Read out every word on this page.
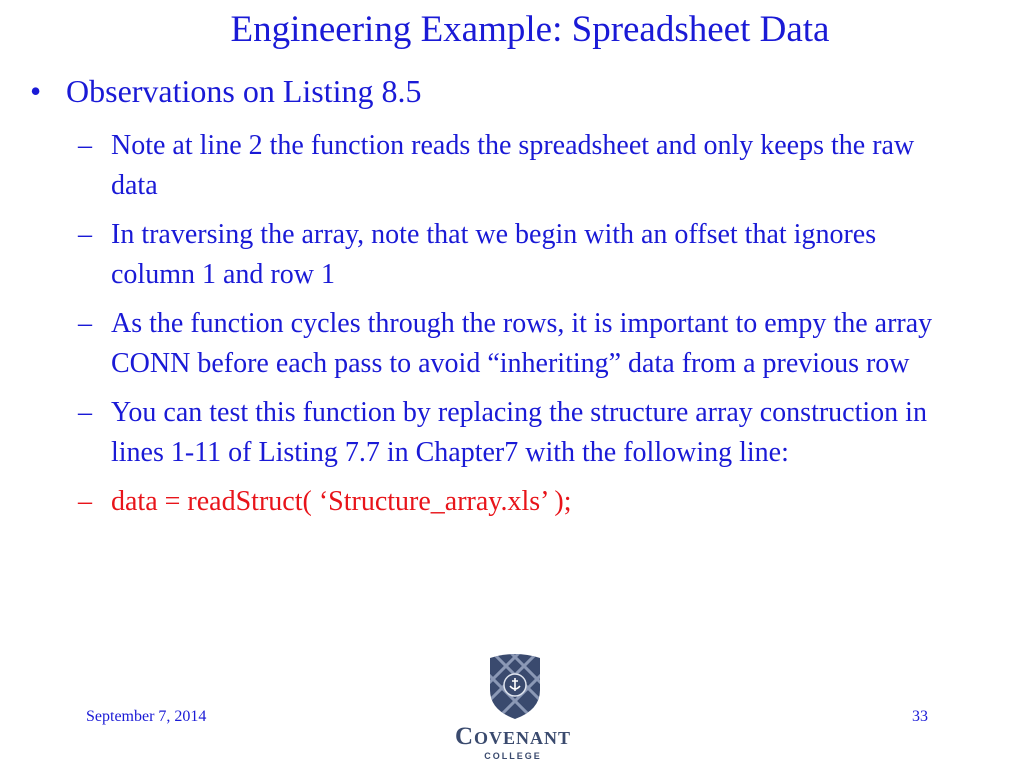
Engineering Example: Spreadsheet Data
• Observations on Listing 8.5
– Note at line 2 the function reads the spreadsheet and only keeps the raw data
– In traversing the array, note that we begin with an offset that ignores column 1 and row 1
– As the function cycles through the rows, it is important to empy the array CONN before each pass to avoid “inheriting” data from a previous row
– You can test this function by replacing the structure array construction in lines 1-11 of Listing 7.7 in Chapter7 with the following line:
– data = readStruct( ‘Structure_array.xls’ );
September 7, 2014
Covenant
COLLEGE
33
